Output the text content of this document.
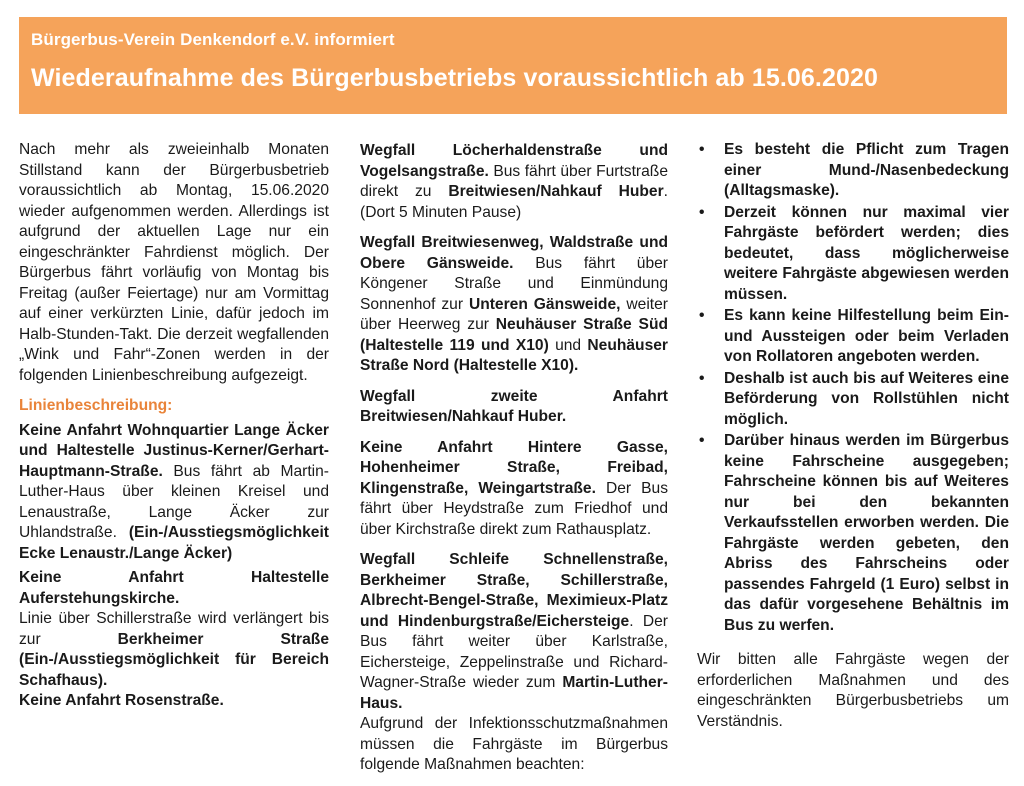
Bürgerbus-Verein Denkendorf e.V. informiert
Wiederaufnahme des Bürgerbusbetriebs voraussichtlich ab 15.06.2020

Nach mehr als zweieinhalb Monaten Stillstand kann der Bürgerbusbetrieb voraussichtlich ab Montag, 15.06.2020 wieder aufgenommen werden. Allerdings ist aufgrund der aktuellen Lage nur ein eingeschränkter Fahrdienst möglich. Der Bürgerbus fährt vorläufig von Montag bis Freitag (außer Feiertage) nur am Vormittag auf einer verkürzten Linie, dafür jedoch im Halb-Stunden-Takt. Die derzeit wegfallenden „Wink und Fahr“-Zonen werden in der folgenden Linienbeschreibung aufgezeigt.

Linienbeschreibung:

Keine Anfahrt Wohnquartier Lange Äcker und Haltestelle Justinus-Kerner/Gerhart-Hauptmann-Straße. Bus fährt ab Martin-Luther-Haus über kleinen Kreisel und Lenaustraße, Lange Äcker zur Uhlandstraße. (Ein-/Ausstiegsmöglichkeit Ecke Lenaustr./Lange Äcker)

Keine Anfahrt Haltestelle Auferstehungskirche.
Linie über Schillerstraße wird verlängert bis zur Berkheimer Straße (Ein-/Ausstiegsmöglichkeit für Bereich Schafhaus).

Keine Anfahrt Rosenstraße.

Wegfall Löcherhaldenstraße und Vogelsangstraße. Bus fährt über Furtstraße direkt zu Breitwiesen/Nahkauf Huber. (Dort 5 Minuten Pause)

Wegfall Breitwiesenweg, Waldstraße und Obere Gänsweide. Bus fährt über Köngener Straße und Einmündung Sonnenhof zur Unteren Gänsweide, weiter über Heerweg zur Neuhäuser Straße Süd (Haltestelle 119 und X10) und Neuhäuser Straße Nord (Haltestelle X10).

Wegfall zweite Anfahrt Breitwiesen/Nahkauf Huber.

Keine Anfahrt Hintere Gasse, Hohenheimer Straße, Freibad, Klingenstraße, Weingartstraße. Der Bus fährt über Heydstraße zum Friedhof und über Kirchstraße direkt zum Rathausplatz.

Wegfall Schleife Schnellenstraße, Berkheimer Straße, Schillerstraße, Albrecht-Bengel-Straße, Meximieux-Platz und Hindenburgstraße/Eichersteige. Der Bus fährt weiter über Karlstraße, Eichersteige, Zeppelinstraße und Richard-Wagner-Straße wieder zum Martin-Luther-Haus.

Aufgrund der Infektionsschutzmaßnahmen müssen die Fahrgäste im Bürgerbus folgende Maßnahmen beachten:

• Es besteht die Pflicht zum Tragen einer Mund-/Nasenbedeckung (Alltagsmaske).
• Derzeit können nur maximal vier Fahrgäste befördert werden; dies bedeutet, dass möglicherweise weitere Fahrgäste abgewiesen werden müssen.
• Es kann keine Hilfestellung beim Ein- und Aussteigen oder beim Verladen von Rollatoren angeboten werden.
• Deshalb ist auch bis auf Weiteres eine Beförderung von Rollstühlen nicht möglich.
• Darüber hinaus werden im Bürgerbus keine Fahrscheine ausgegeben; Fahrscheine können bis auf Weiteres nur bei den bekannten Verkaufsstellen erworben werden. Die Fahrgäste werden gebeten, den Abriss des Fahrscheins oder passendes Fahrgeld (1 Euro) selbst in das dafür vorgesehene Behältnis im Bus zu werfen.

Wir bitten alle Fahrgäste wegen der erforderlichen Maßnahmen und des eingeschränkten Bürgerbusbetriebs um Verständnis.
